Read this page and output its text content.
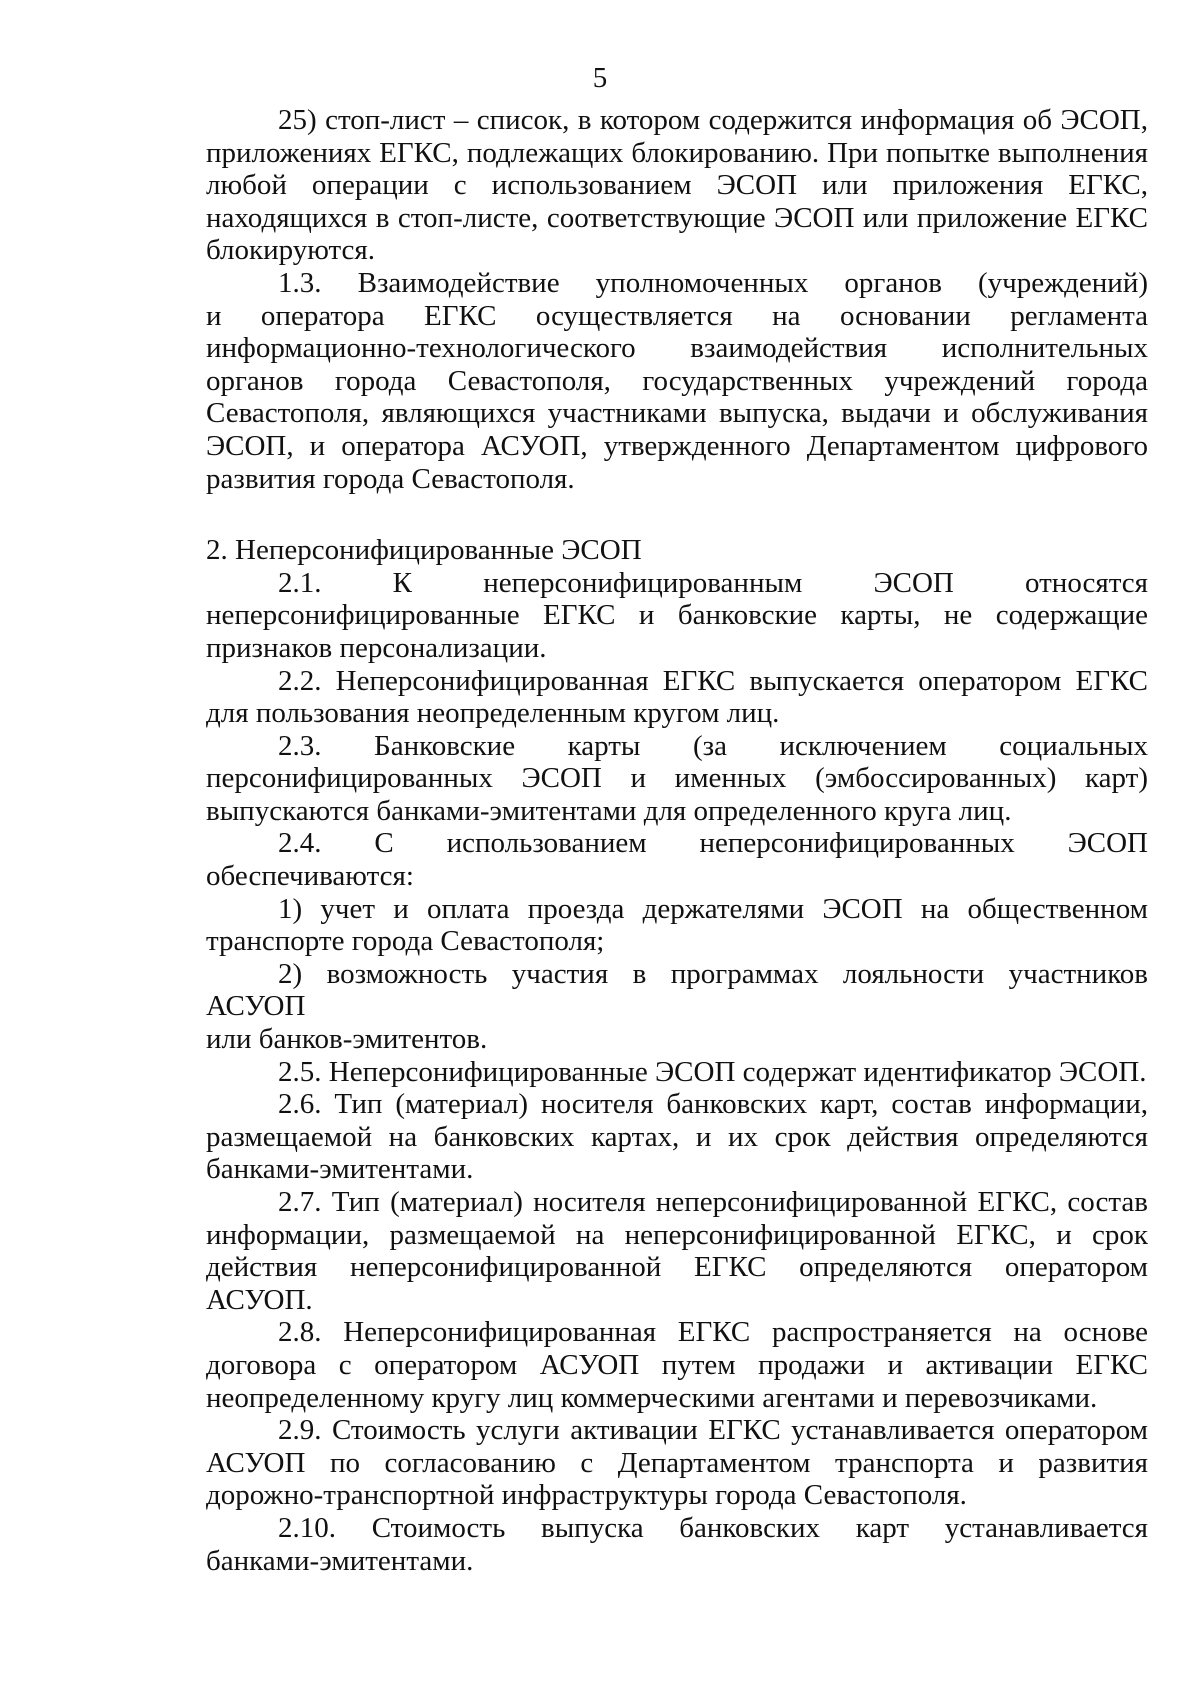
5
25) стоп-лист – список, в котором содержится информация об ЭСОП,
приложениях ЕГКС, подлежащих блокированию. При попытке выполнения
любой операции с использованием ЭСОП или приложения ЕГКС,
находящихся в стоп-листе, соответствующие ЭСОП или приложение ЕГКС
блокируются.
1.3. Взаимодействие уполномоченных органов (учреждений)
и оператора ЕГКС осуществляется на основании регламента
информационно-технологического взаимодействия исполнительных
органов города Севастополя, государственных учреждений города
Севастополя, являющихся участниками выпуска, выдачи и обслуживания
ЭСОП, и оператора АСУОП, утвержденного Департаментом цифрового
развития города Севастополя.

2. Неперсонифицированные ЭСОП

2.1. К неперсонифицированным ЭСОП относятся
неперсонифицированные ЕГКС и банковские карты, не содержащие
признаков персонализации.
2.2. Неперсонифицированная ЕГКС выпускается оператором ЕГКС
для пользования неопределенным кругом лиц.
2.3. Банковские карты (за исключением социальных
персонифицированных ЭСОП и именных (эмбоссированных) карт)
выпускаются банками-эмитентами для определенного круга лиц.
2.4. С использованием неперсонифицированных ЭСОП
обеспечиваются:
1) учет и оплата проезда держателями ЭСОП на общественном
транспорте города Севастополя;
2) возможность участия в программах лояльности участников АСУОП
или банков-эмитентов.
2.5. Неперсонифицированные ЭСОП содержат идентификатор ЭСОП.
2.6. Тип (материал) носителя банковских карт, состав информации,
размещаемой на банковских картах, и их срок действия определяются
банками-эмитентами.
2.7. Тип (материал) носителя неперсонифицированной ЕГКС, состав
информации, размещаемой на неперсонифицированной ЕГКС, и срок
действия неперсонифицированной ЕГКС определяются оператором
АСУОП.
2.8. Неперсонифицированная ЕГКС распространяется на основе
договора с оператором АСУОП путем продажи и активации ЕГКС
неопределенному кругу лиц коммерческими агентами и перевозчиками.
2.9. Стоимость услуги активации ЕГКС устанавливается оператором
АСУОП по согласованию с Департаментом транспорта и развития
дорожно-транспортной инфраструктуры города Севастополя.
2.10. Стоимость выпуска банковских карт устанавливается
банками-эмитентами.
